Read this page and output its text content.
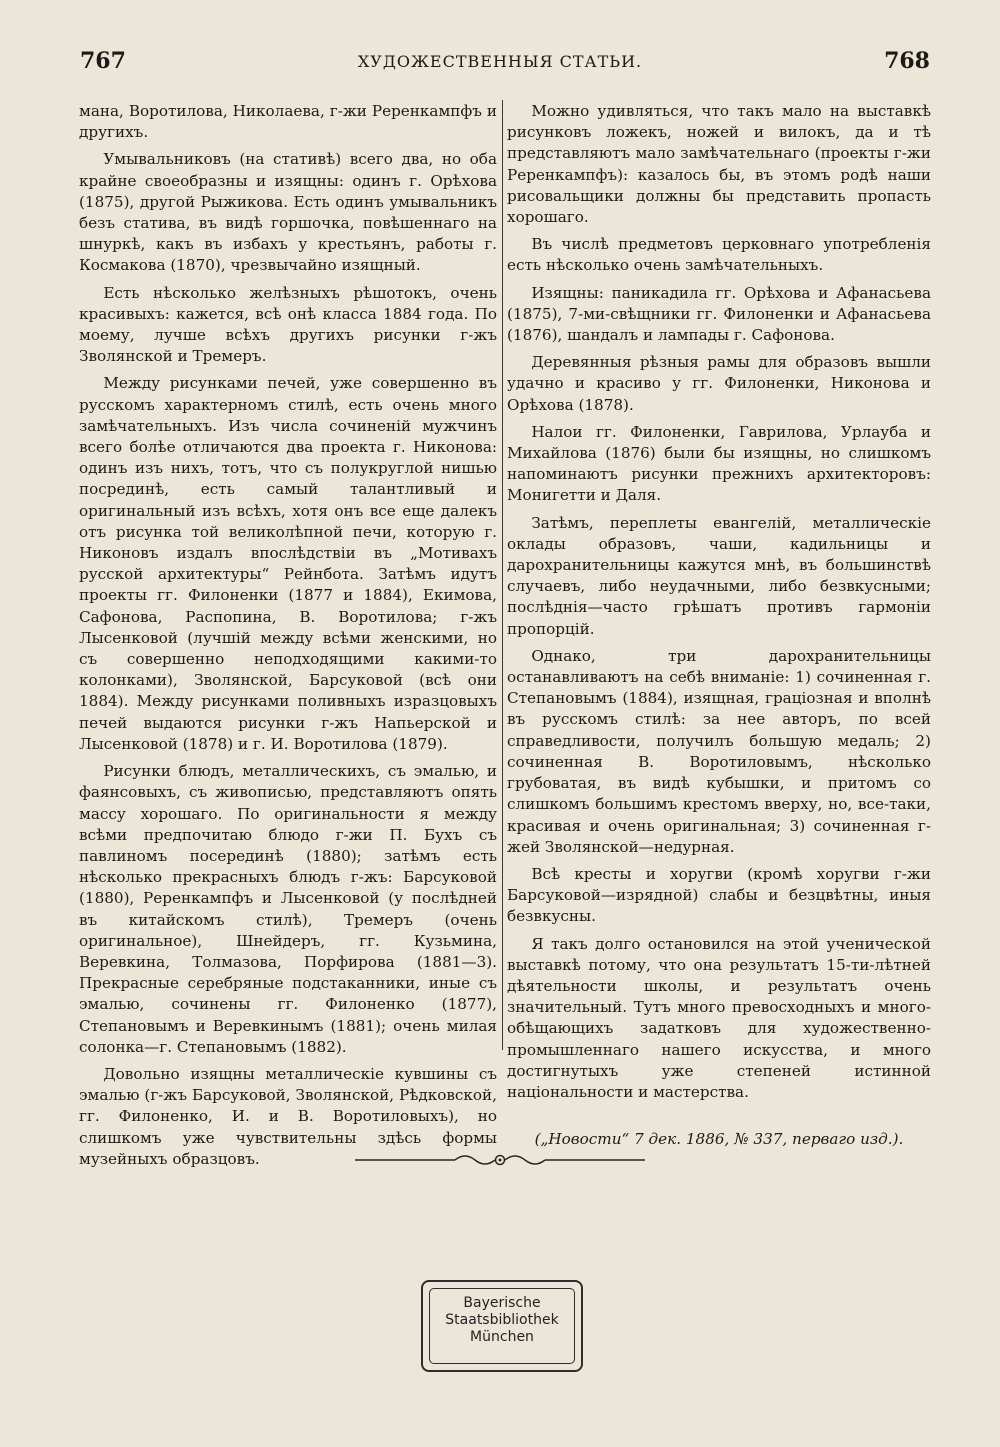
767	ХУДОЖЕСТВЕННЫЯ СТАТЬИ.	768

мана, Воротилова, Николаева, г-жи Реренкампфъ и другихъ.

Умывальниковъ (на стативѣ) всего два, но оба крайне своеобразны и изящны: одинъ г. Орѣхова (1875), другой Рыжикова. Есть одинъ умывальникъ безъ статива, въ видѣ горшочка, повѣшеннаго на шнуркѣ, какъ въ избахъ у крестьянъ, работы г. Космакова (1870), чрезвычайно изящный.

Есть нѣсколько желѣзныхъ рѣшотокъ, очень красивыхъ: кажется, всѣ онѣ класса 1884 года. По моему, лучше всѣхъ другихъ рисунки г-жъ Зволянской и Тремеръ.

Между рисунками печей, уже совершенно въ русскомъ характерномъ стилѣ, есть очень много замѣчательныхъ. Изъ числа сочиненій мужчинъ всего болѣе отличаются два проекта г. Никонова: одинъ изъ нихъ, тотъ, что съ полукруглой нишью посрединѣ, есть самый талантливый и оригинальный изъ всѣхъ, хотя онъ все еще далекъ отъ рисунка той великолѣпной печи, которую г. Никоновъ издалъ впослѣдствіи въ „Мотивахъ русской архитектуры“ Рейнбота. Затѣмъ идутъ проекты гг. Филоненки (1877 и 1884), Екимова, Сафонова, Распопина, В. Воротилова; г-жъ Лысенковой (лучшій между всѣми женскими, но съ совершенно неподходящими какими-то колонками), Зволянской, Барсуковой (всѣ они 1884). Между рисунками поливныхъ изразцовыхъ печей выдаются рисунки г-жъ Напьерской и Лысенковой (1878) и г. И. Воротилова (1879).

Рисунки блюдъ, металлическихъ, съ эмалью, и фаянсовыхъ, съ живописью, представляютъ опять массу хорошаго. По оригинальности я между всѣми предпочитаю блюдо г-жи П. Бухъ съ павлиномъ посерединѣ (1880); затѣмъ есть нѣсколько прекрасныхъ блюдъ г-жъ: Барсуковой (1880), Реренкампфъ и Лысенковой (у послѣдней въ китайскомъ стилѣ), Тремеръ (очень оригинальное), Шнейдеръ, гг. Кузьмина, Веревкина, Толмазова, Порфирова (1881—3). Прекрасные серебряные подстаканники, иные съ эмалью, сочинены гг. Филоненко (1877), Степановымъ и Веревкинымъ (1881); очень милая солонка—г. Степановымъ (1882).

Довольно изящны металлическіе кувшины съ эмалью (г-жъ Барсуковой, Зволянской, Рѣдковской, гг. Филоненко, И. и В. Воротиловыхъ), но слишкомъ уже чувствительны здѣсь формы музейныхъ образцовъ.

Можно удивляться, что такъ мало на выставкѣ рисунковъ ложекъ, ножей и вилокъ, да и тѣ представляютъ мало замѣчательнаго (проекты г-жи Реренкампфъ): казалось бы, въ этомъ родѣ наши рисовальщики должны бы представить пропасть хорошаго.

Въ числѣ предметовъ церковнаго употребленія есть нѣсколько очень замѣчательныхъ.

Изящны: паникадила гг. Орѣхова и Афанасьева (1875), 7-ми-свѣщники гг. Филоненки и Афанасьева (1876), шандалъ и лампады г. Сафонова.

Деревянныя рѣзныя рамы для образовъ вышли удачно и красиво у гг. Филоненки, Никонова и Орѣхова (1878).

Налои гг. Филоненки, Гаврилова, Урлауба и Михайлова (1876) были бы изящны, но слишкомъ напоминаютъ рисунки прежнихъ архитекторовъ: Монигетти и Даля.

Затѣмъ, переплеты евангелій, металлическіе оклады образовъ, чаши, кадильницы и дарохранительницы кажутся мнѣ, въ большинствѣ случаевъ, либо неудачными, либо безвкусными; послѣднія—часто грѣшатъ противъ гармоніи пропорцій.

Однако, три дарохранительницы останавливаютъ на себѣ вниманіе: 1) сочиненная г. Степановымъ (1884), изящная, граціозная и вполнѣ въ русскомъ стилѣ: за нее авторъ, по всей справедливости, получилъ большую медаль; 2) сочиненная В. Воротиловымъ, нѣсколько грубоватая, въ видѣ кубышки, и притомъ со слишкомъ большимъ крестомъ вверху, но, все-таки, красивая и очень оригинальная; 3) сочиненная г-жей Зволянской—недурная.

Всѣ кресты и хоругви (кромѣ хоругви г-жи Барсуковой—изрядной) слабы и безцвѣтны, иныя безвкусны.

Я такъ долго остановился на этой ученической выставкѣ потому, что она результатъ 15-ти-лѣтней дѣятельности школы, и результатъ очень значительный. Тутъ много превосходныхъ и много-обѣщающихъ задатковъ для художественно-промышленнаго нашего искусства, и много достигнутыхъ уже степеней истинной національности и мастерства.

(„Новости“ 7 дек. 1886, № 337, перваго изд.).

Bayerische
Staatsbibliothek
München
